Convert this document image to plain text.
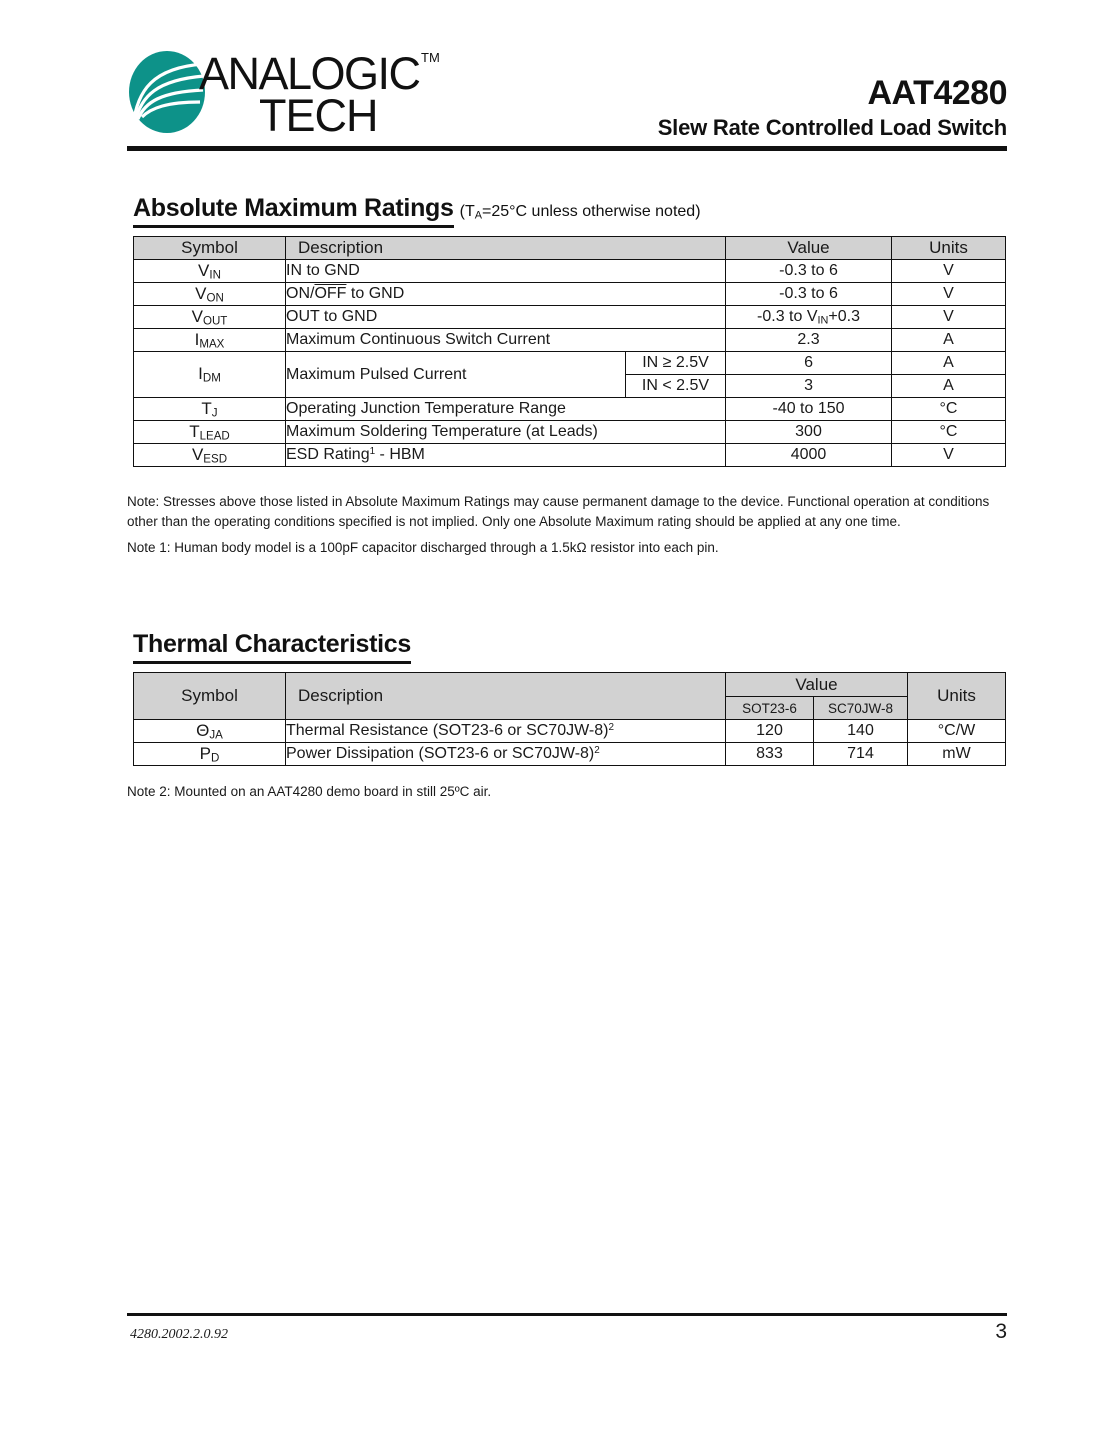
ANALOGIC TM
TECH	AAT4280
Slew Rate Controlled Load Switch
Absolute Maximum Ratings ($T_A=25^\circ C$ unless otherwise noted)
Symbol	Description		Value	Units
$V_{IN}$	IN to GND		-0.3 to 6	V
$V_{ON}$	$ON/\overline{OFF}$ to GND		-0.3 to 6	V
$V_{OUT}$	OUT to GND		-0.3 to $V_{IN}+0.3$	V
$I_{MAX}$	Maximum Continuous Switch Current		2.3	A
$I_{DM}$	Maximum Pulsed Current	IN ≥ 2.5V	6	A
		IN < 2.5V	3	A
$T_J$	Operating Junction Temperature Range		-40 to 150	°C
$T_{LEAD}$	Maximum Soldering Temperature (at Leads)		300	°C
$V_{ESD}$	ESD Rating$^1$ - HBM		4000	V
Note: Stresses above those listed in Absolute Maximum Ratings may cause permanent damage to the device. Functional operation at conditions other than the operating conditions specified is not implied. Only one Absolute Maximum rating should be applied at any one time.
Note 1: Human body model is a 100pF capacitor discharged through a 1.5kΩ resistor into each pin.
Thermal Characteristics
Symbol	Description	Value		Units
		SOT23-6	SC70JW-8	
$\Theta_{JA}$	Thermal Resistance (SOT23-6 or SC70JW-8)$^2$	120	140	°C/W
$P_D$	Power Dissipation (SOT23-6 or SC70JW-8)$^2$	833	714	mW
Note 2: Mounted on an AAT4280 demo board in still 25ºC air.
4280.2002.2.0.92	3
